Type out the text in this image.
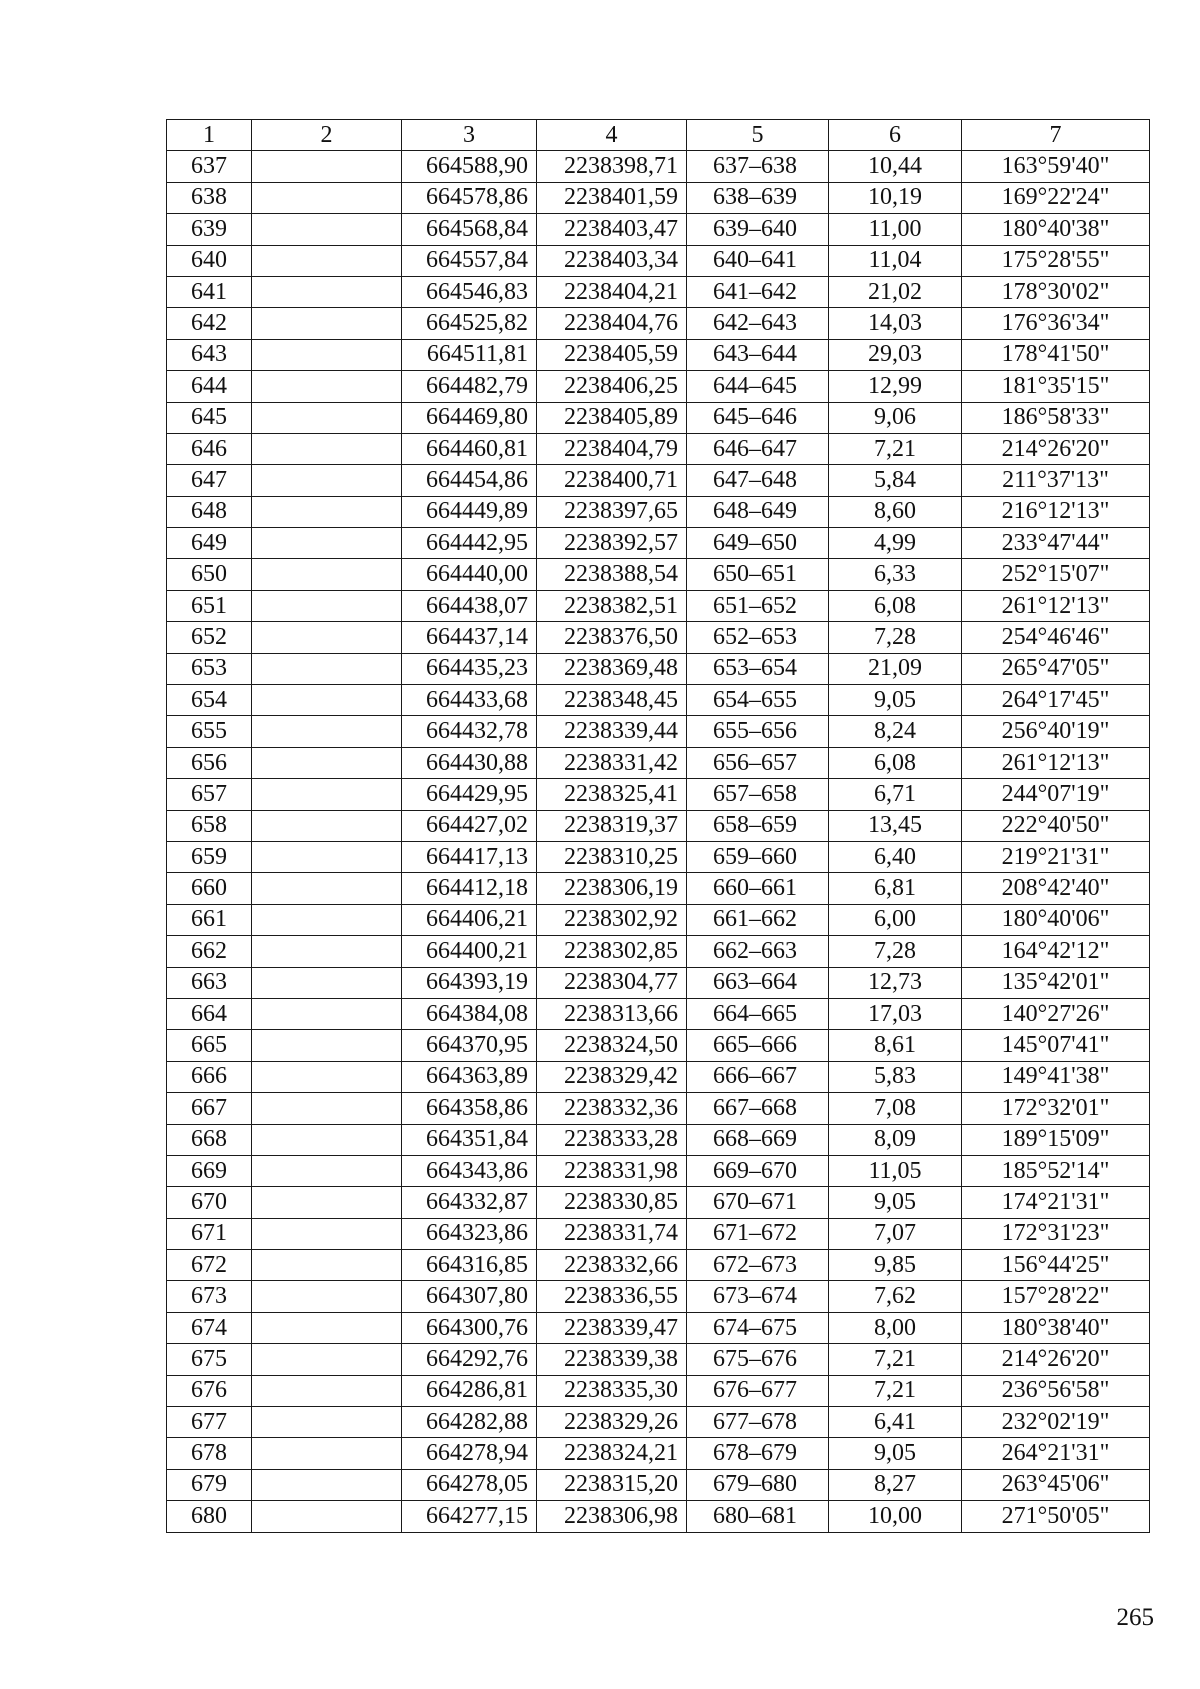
1	2	3	4	5	6	7
637		664588,90	2238398,71	637–638	10,44	163°59'40"
638		664578,86	2238401,59	638–639	10,19	169°22'24"
639		664568,84	2238403,47	639–640	11,00	180°40'38"
640		664557,84	2238403,34	640–641	11,04	175°28'55"
641		664546,83	2238404,21	641–642	21,02	178°30'02"
642		664525,82	2238404,76	642–643	14,03	176°36'34"
643		664511,81	2238405,59	643–644	29,03	178°41'50"
644		664482,79	2238406,25	644–645	12,99	181°35'15"
645		664469,80	2238405,89	645–646	9,06	186°58'33"
646		664460,81	2238404,79	646–647	7,21	214°26'20"
647		664454,86	2238400,71	647–648	5,84	211°37'13"
648		664449,89	2238397,65	648–649	8,60	216°12'13"
649		664442,95	2238392,57	649–650	4,99	233°47'44"
650		664440,00	2238388,54	650–651	6,33	252°15'07"
651		664438,07	2238382,51	651–652	6,08	261°12'13"
652		664437,14	2238376,50	652–653	7,28	254°46'46"
653		664435,23	2238369,48	653–654	21,09	265°47'05"
654		664433,68	2238348,45	654–655	9,05	264°17'45"
655		664432,78	2238339,44	655–656	8,24	256°40'19"
656		664430,88	2238331,42	656–657	6,08	261°12'13"
657		664429,95	2238325,41	657–658	6,71	244°07'19"
658		664427,02	2238319,37	658–659	13,45	222°40'50"
659		664417,13	2238310,25	659–660	6,40	219°21'31"
660		664412,18	2238306,19	660–661	6,81	208°42'40"
661		664406,21	2238302,92	661–662	6,00	180°40'06"
662		664400,21	2238302,85	662–663	7,28	164°42'12"
663		664393,19	2238304,77	663–664	12,73	135°42'01"
664		664384,08	2238313,66	664–665	17,03	140°27'26"
665		664370,95	2238324,50	665–666	8,61	145°07'41"
666		664363,89	2238329,42	666–667	5,83	149°41'38"
667		664358,86	2238332,36	667–668	7,08	172°32'01"
668		664351,84	2238333,28	668–669	8,09	189°15'09"
669		664343,86	2238331,98	669–670	11,05	185°52'14"
670		664332,87	2238330,85	670–671	9,05	174°21'31"
671		664323,86	2238331,74	671–672	7,07	172°31'23"
672		664316,85	2238332,66	672–673	9,85	156°44'25"
673		664307,80	2238336,55	673–674	7,62	157°28'22"
674		664300,76	2238339,47	674–675	8,00	180°38'40"
675		664292,76	2238339,38	675–676	7,21	214°26'20"
676		664286,81	2238335,30	676–677	7,21	236°56'58"
677		664282,88	2238329,26	677–678	6,41	232°02'19"
678		664278,94	2238324,21	678–679	9,05	264°21'31"
679		664278,05	2238315,20	679–680	8,27	263°45'06"
680		664277,15	2238306,98	680–681	10,00	271°50'05"
265
